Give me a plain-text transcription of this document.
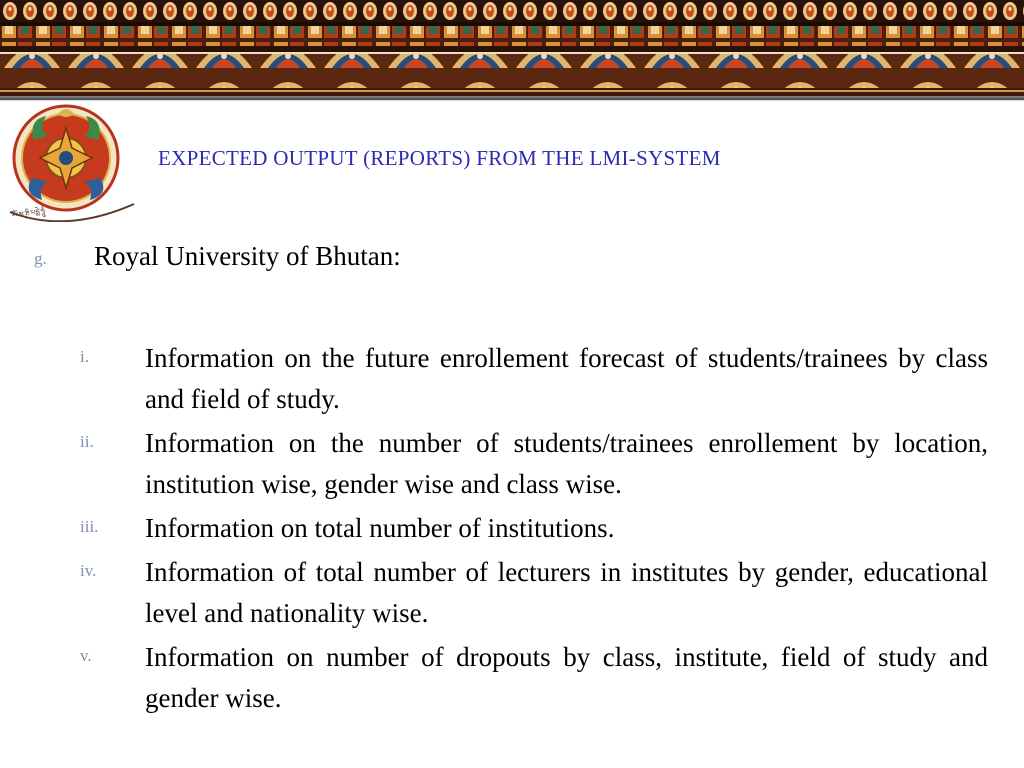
ཨོཾ་མ་ཎི་པདྨེ་ཧཱུྃ
EXPECTED OUTPUT (REPORTS) FROM THE LMI-SYSTEM
g. Royal University of Bhutan:
i. Information on the future enrollement forecast of students/trainees by class and field of study.
ii. Information on the number of students/trainees enrollement by location, institution wise, gender wise and class wise.
iii. Information on total number of institutions.
iv. Information of total number of lecturers in institutes by gender, educational level and nationality wise.
v. Information on number of dropouts by class, institute, field of study and gender wise.
